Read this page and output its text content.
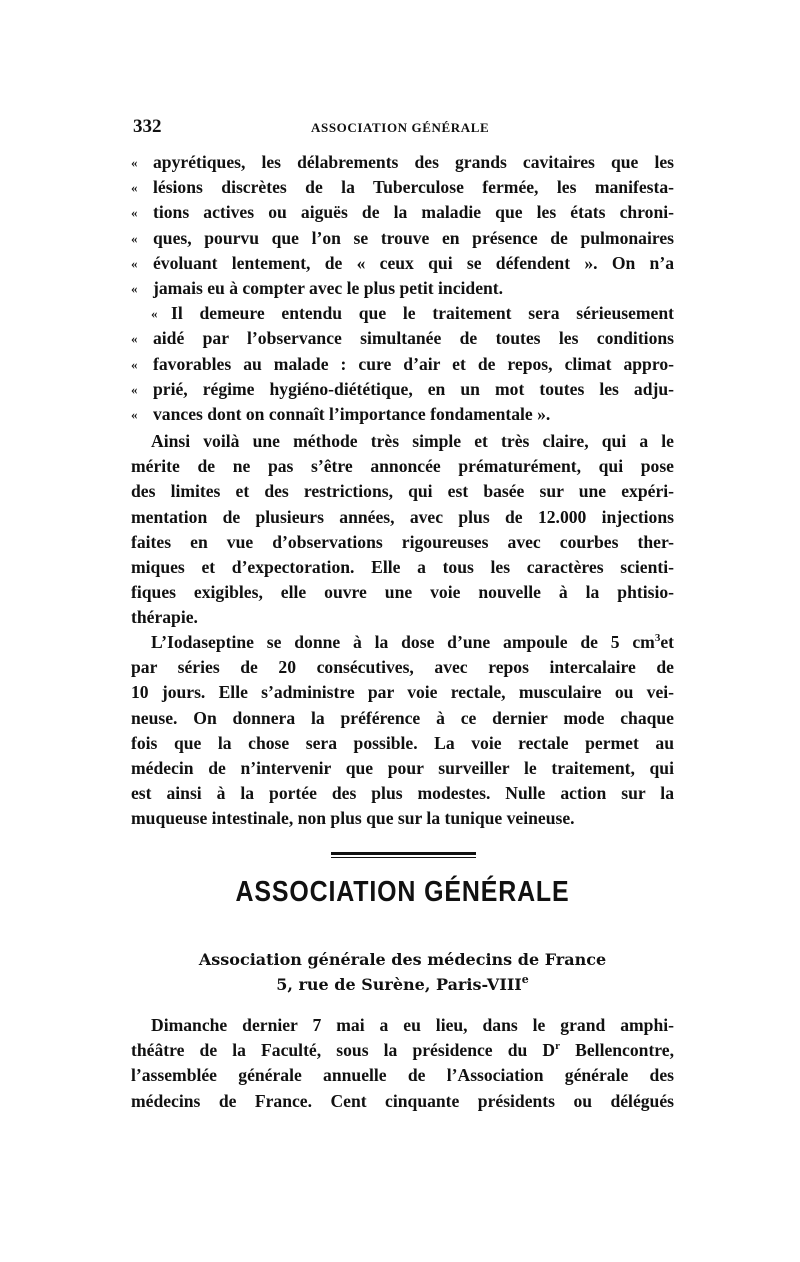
332	ASSOCIATION GÉNÉRALE
« apyrétiques, les délabrements des grands cavitaires que les
« lésions discrètes de la Tuberculose fermée, les manifesta-
« tions actives ou aiguës de la maladie que les états chroni-
« ques, pourvu que l’on se trouve en présence de pulmonaires
« évoluant lentement, de « ceux qui se défendent ». On n’a
« jamais eu à compter avec le plus petit incident.
« Il demeure entendu que le traitement sera sérieusement
« aidé par l’observance simultanée de toutes les conditions
« favorables au malade : cure d’air et de repos, climat appro-
« prié, régime hygiéno-diététique, en un mot toutes les adju-
« vances dont on connaît l’importance fondamentale ».
Ainsi voilà une méthode très simple et très claire, qui a le
mérite de ne pas s’être annoncée prématurément, qui pose
des limites et des restrictions, qui est basée sur une expéri-
mentation de plusieurs années, avec plus de 12.000 injections
faites en vue d’observations rigoureuses avec courbes ther-
miques et d’expectoration. Elle a tous les caractères scienti-
fiques exigibles, elle ouvre une voie nouvelle à la phtisio-
thérapie.
L’Iodaseptine se donne à la dose d’une ampoule de 5 $cm^3et$
par séries de 20 consécutives, avec repos intercalaire de
10 jours. Elle s’administre par voie rectale, musculaire ou vei-
neuse. On donnera la préférence à ce dernier mode chaque
fois que la chose sera possible. La voie rectale permet au
médecin de n’intervenir que pour surveiller le traitement, qui
est ainsi à la portée des plus modestes. Nulle action sur la
muqueuse intestinale, non plus que sur la tunique veineuse.
ASSOCIATION GÉNÉRALE
Association générale des médecins de France
5, rue de Surène, Paris-VIIIe
Dimanche dernier 7 mai a eu lieu, dans le grand amphi-
théâtre de la Faculté, sous la présidence du $D^r$ Bellencontre,
l’assemblée générale annuelle de l’Association générale des
médecins de France. Cent cinquante présidents ou délégués
